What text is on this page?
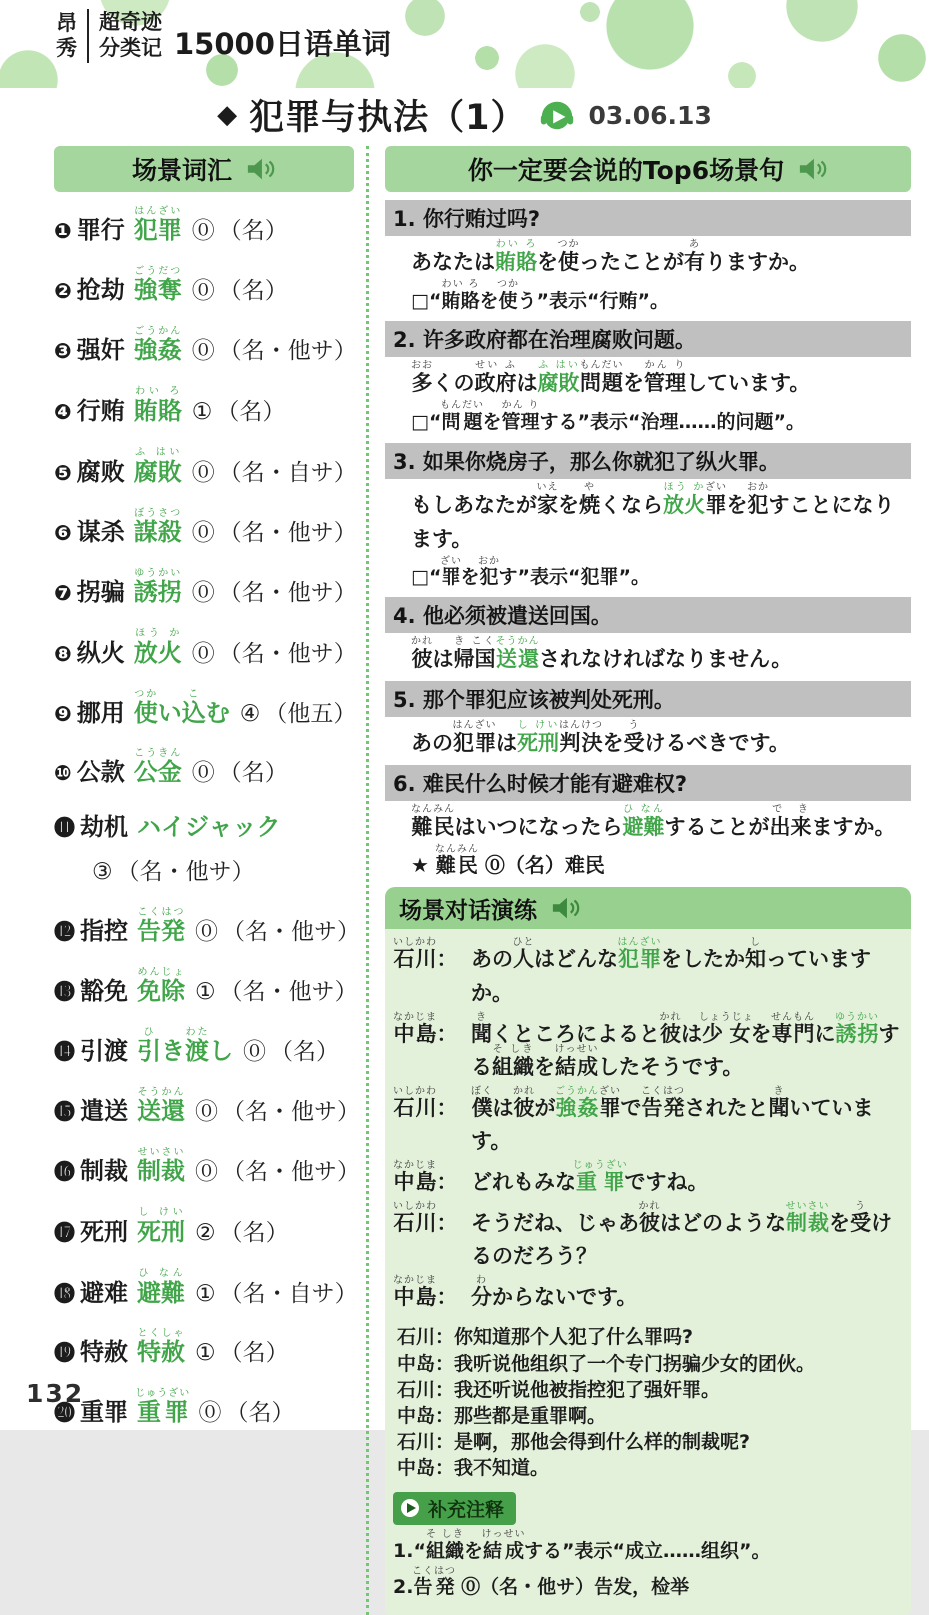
昂
秀
超奇迹
分类记 15000日语单词
◆ 犯罪与执法（1） 03.06.13
场景词汇
❶ 罪行 犯罪はんざい⓪ （名）
❷ 抢劫 強奪ごうだつ⓪ （名）
❸ 强奸 強姦ごうかん⓪ （名・他サ）
❹ 行贿 賄賂わい ろ① （名）
❺ 腐败 腐敗ふ はい⓪ （名・自サ）
❻ 谋杀 謀殺ぼうさつ⓪ （名・他サ）
❼ 拐骗 誘拐ゆうかい⓪ （名・他サ）
❽ 纵火 放火ほう か⓪ （名・他サ）
❾ 挪用 使つかい込こむ ④ （他五）
❿ 公款 公金こうきん⓪ （名）
⓫ 劫机 ハイジャック
③ （名・他サ）
⓬ 指控 告発こくはつ⓪ （名・他サ）
⓭ 豁免 免除めんじょ① （名・他サ）
⓮ 引渡 引ひき渡わたし ⓪ （名）
⓯ 遣送 送還そうかん⓪ （名・他サ）
⓰ 制裁 制裁せいさい⓪ （名・他サ）
⓱ 死刑 死刑し けい② （名）
⓲ 避难 避難ひ なん① （名・自サ）
⓳ 特赦 特赦とくしゃ① （名）
⓴ 重罪 重罪じゅうざい⓪ （名）
你一定要会说的Top6场景句
1. 你行贿过吗?
あなたは賄賂わい ろを使つかったことが有ありますか。
□“賄賂わい ろを使つかう”表示“行贿”。
2. 许多政府都在治理腐败问题。
多おおくの政府せい ふは腐敗ふ はい問題もんだいを管理かん りしています。
□“問題もんだいを管理かん りする”表示“治理……的问题”。
3. 如果你烧房子，那么你就犯了纵火罪。
もしあなたが家いえを焼やくなら放火ほう か罪ざいを犯おかすことになります。
□“罪ざいを犯おかす”表示“犯罪”。
4. 他必须被遣送回国。
彼かれは帰国き こく送還そうかんされなければなりません。
5. 那个罪犯应该被判处死刑。
あの犯罪はんざいは死刑し けい判決はんけつを受うけるべきです。
6. 难民什么时候才能有避难权?
難民なんみんはいつになったら避難ひ なんすることが出来で きますか。
★ 難民なんみん ⓪（名）难民
场景对话演练
石川いしかわ： あの人ひとはどんな犯罪はんざいをしたか知しっていますか。
中島なかじま： 聞きくところによると彼かれは少女しょうじょを専門せんもんに誘拐ゆうかいする組織そ しきを結成けっせいしたそうです。
石川いしかわ： 僕ぼくは彼かれが強姦ごうかん罪ざいで告発こくはつされたと聞きいています。
中島なかじま： どれもみな重罪じゅうざいですね。
石川いしかわ： そうだね、じゃあ彼かれはどのような制裁せいさいを受うけるのだろう？
中島なかじま： 分わからないです。
石川：你知道那个人犯了什么罪吗?
中岛：我听说他组织了一个专门拐骗少女的团伙。
石川：我还听说他被指控犯了强奸罪。
中岛：那些都是重罪啊。
石川：是啊，那他会得到什么样的制裁呢?
中岛：我不知道。
补充注释
1.“組織そ しきを結成けっせいする”表示“成立……组织”。
2.告発こくはつ ⓪（名・他サ）告发，检举
132
